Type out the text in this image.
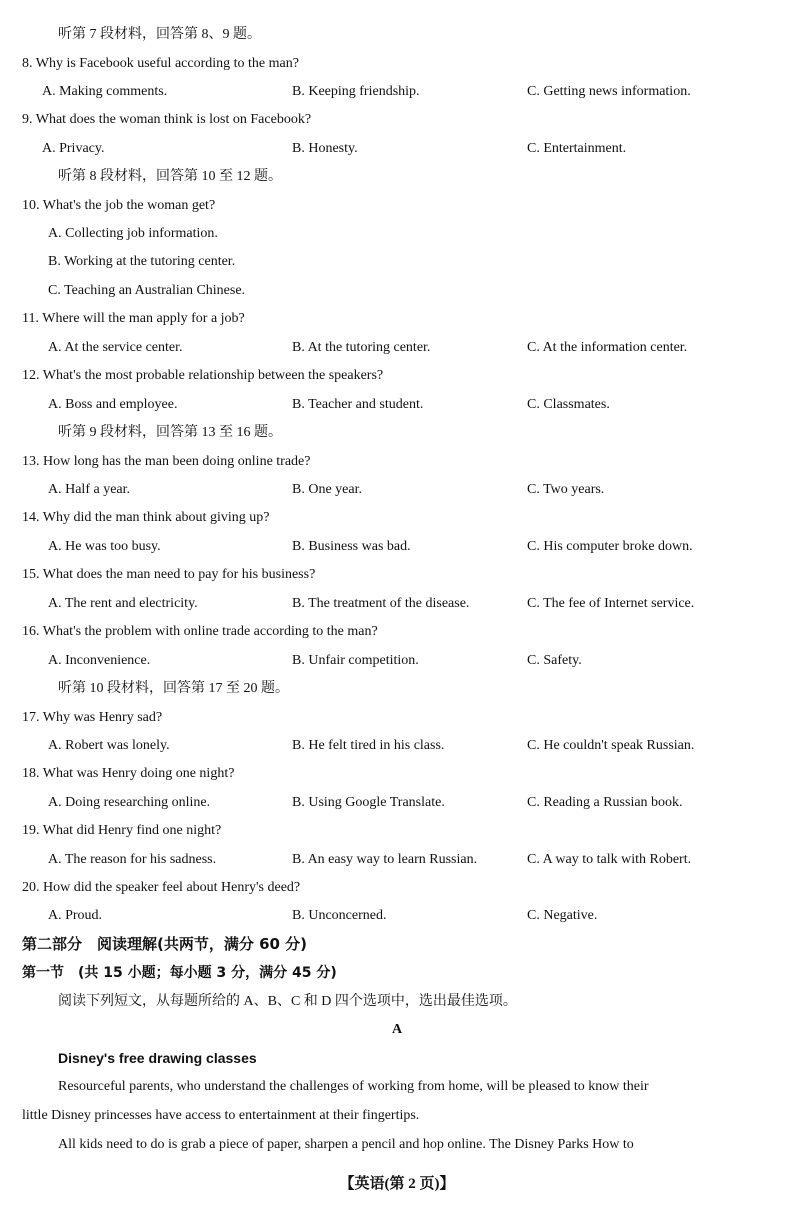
听第 7 段材料，回答第 8、9 题。
8. Why is Facebook useful according to the man?
A. Making comments.	B. Keeping friendship.	C. Getting news information.
9. What does the woman think is lost on Facebook?
A. Privacy.	B. Honesty.	C. Entertainment.
听第 8 段材料，回答第 10 至 12 题。
10. What's the job the woman get?
A. Collecting job information.
B. Working at the tutoring center.
C. Teaching an Australian Chinese.
11. Where will the man apply for a job?
A. At the service center.	B. At the tutoring center.	C. At the information center.
12. What's the most probable relationship between the speakers?
A. Boss and employee.	B. Teacher and student.	C. Classmates.
听第 9 段材料，回答第 13 至 16 题。
13. How long has the man been doing online trade?
A. Half a year.	B. One year.	C. Two years.
14. Why did the man think about giving up?
A. He was too busy.	B. Business was bad.	C. His computer broke down.
15. What does the man need to pay for his business?
A. The rent and electricity.	B. The treatment of the disease.	C. The fee of Internet service.
16. What's the problem with online trade according to the man?
A. Inconvenience.	B. Unfair competition.	C. Safety.
听第 10 段材料，回答第 17 至 20 题。
17. Why was Henry sad?
A. Robert was lonely.	B. He felt tired in his class.	C. He couldn't speak Russian.
18. What was Henry doing one night?
A. Doing researching online.	B. Using Google Translate.	C. Reading a Russian book.
19. What did Henry find one night?
A. The reason for his sadness.	B. An easy way to learn Russian.	C. A way to talk with Robert.
20. How did the speaker feel about Henry's deed?
A. Proud.	B. Unconcerned.	C. Negative.
第二部分　阅读理解(共两节，满分 60 分)
第一节　(共 15 小题；每小题 3 分，满分 45 分)
阅读下列短文，从每题所给的 A、B、C 和 D 四个选项中，选出最佳选项。
A
Disney's free drawing classes
Resourceful parents, who understand the challenges of working from home, will be pleased to know their
little Disney princesses have access to entertainment at their fingertips.
All kids need to do is grab a piece of paper, sharpen a pencil and hop online. The Disney Parks How to
【英语(第 2 页)】
